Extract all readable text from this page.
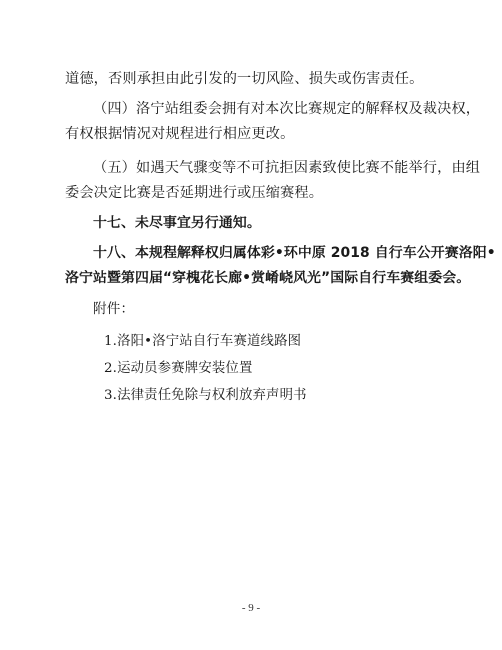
道德，否则承担由此引发的一切风险、损失或伤害责任。
（四）洛宁站组委会拥有对本次比赛规定的解释权及裁决权，
有权根据情况对规程进行相应更改。
（五）如遇天气骤变等不可抗拒因素致使比赛不能举行，由组
委会决定比赛是否延期进行或压缩赛程。
十七、未尽事宜另行通知。
十八、本规程解释权归属体彩•环中原 2018 自行车公开赛洛阳•
洛宁站暨第四届“穿槐花长廊•赏崤峣风光”国际自行车赛组委会。
附件：
1.洛阳•洛宁站自行车赛道线路图
2.运动员参赛牌安装位置
3.法律责任免除与权利放弃声明书
- 9 -
